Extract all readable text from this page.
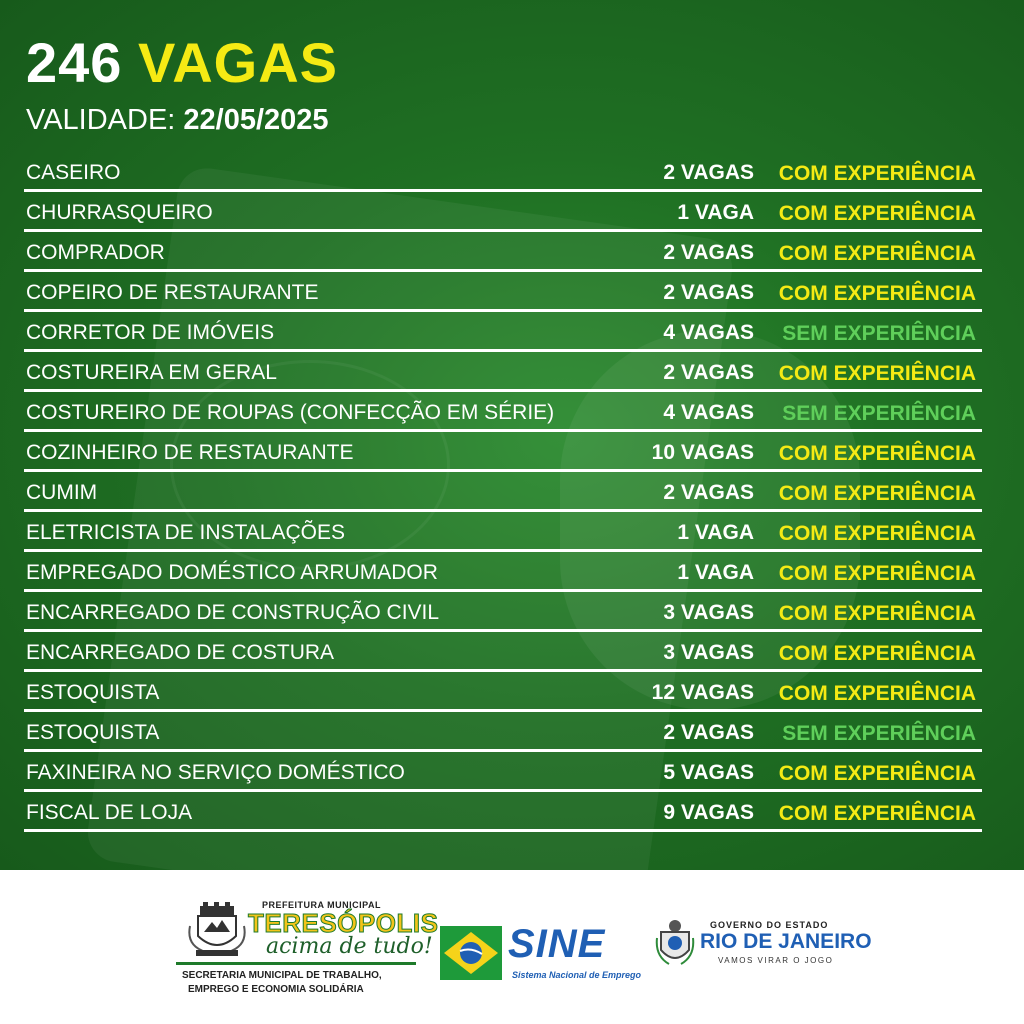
246 VAGAS
VALIDADE: 22/05/2025
CASEIRO	2 VAGAS COM EXPERIÊNCIA
CHURRASQUEIRO	1 VAGA COM EXPERIÊNCIA
COMPRADOR	2 VAGAS COM EXPERIÊNCIA
COPEIRO DE RESTAURANTE	2 VAGAS COM EXPERIÊNCIA
CORRETOR DE IMÓVEIS	4 VAGAS SEM EXPERIÊNCIA
COSTUREIRA EM GERAL	2 VAGAS COM EXPERIÊNCIA
COSTUREIRO DE ROUPAS (CONFECÇÃO EM SÉRIE)	4 VAGAS SEM EXPERIÊNCIA
COZINHEIRO DE RESTAURANTE	10 VAGAS COM EXPERIÊNCIA
CUMIM	2 VAGAS COM EXPERIÊNCIA
ELETRICISTA DE INSTALAÇÕES	1 VAGA COM EXPERIÊNCIA
EMPREGADO DOMÉSTICO ARRUMADOR	1 VAGA COM EXPERIÊNCIA
ENCARREGADO DE CONSTRUÇÃO CIVIL	3 VAGAS COM EXPERIÊNCIA
ENCARREGADO DE COSTURA	3 VAGAS COM EXPERIÊNCIA
ESTOQUISTA	12 VAGAS COM EXPERIÊNCIA
ESTOQUISTA	2 VAGAS SEM EXPERIÊNCIA
FAXINEIRA NO SERVIÇO DOMÉSTICO	5 VAGAS COM EXPERIÊNCIA
FISCAL DE LOJA	9 VAGAS COM EXPERIÊNCIA
PREFEITURA MUNICIPAL
TERESÓPOLIS
acima de tudo!
SECRETARIA MUNICIPAL DE TRABALHO,
EMPREGO E ECONOMIA SOLIDÁRIA
SINE
Sistema Nacional de Emprego
GOVERNO DO ESTADO
RIO DE JANEIRO
VAMOS VIRAR O JOGO
